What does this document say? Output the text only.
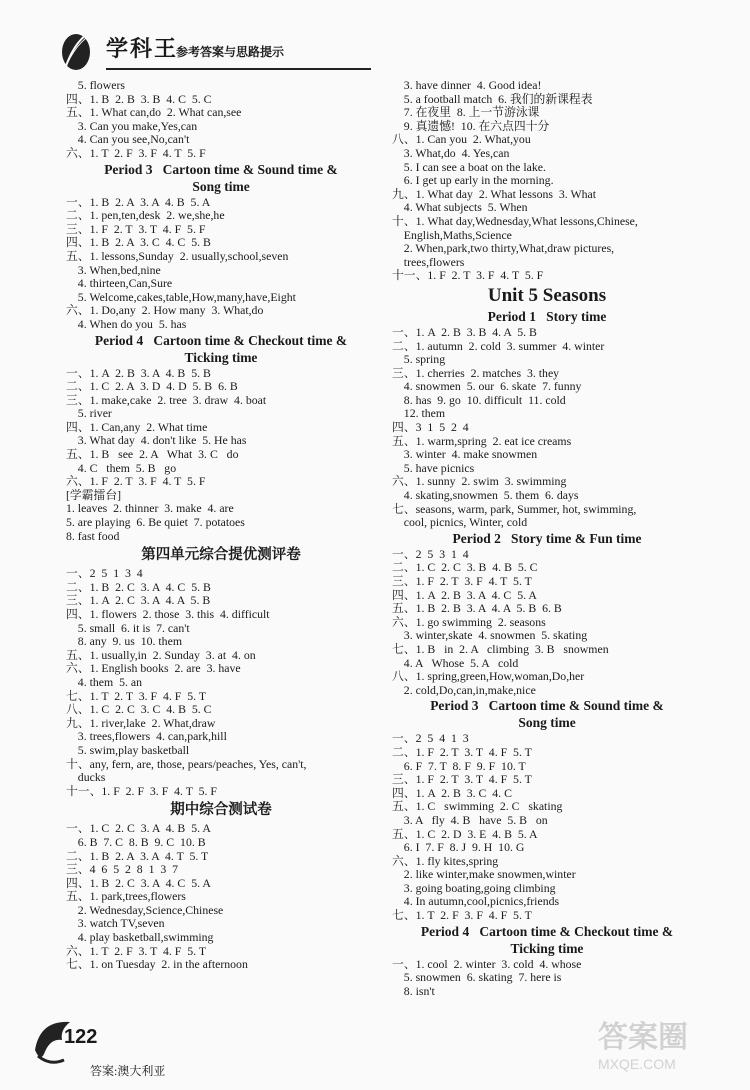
学科王
参考答案与思路提示
5. flowers
四、1. B  2. B  3. B  4. C  5. C
五、1. What can,do  2. What can,see
3. Can you make,Yes,can
4. Can you see,No,can't
六、1. T  2. F  3. F  4. T  5. F
Period 3   Cartoon time & Sound time &
Song time
一、1. B  2. A  3. A  4. B  5. A
二、1. pen,ten,desk  2. we,she,he
三、1. F  2. T  3. T  4. F  5. F
四、1. B  2. A  3. C  4. C  5. B
五、1. lessons,Sunday  2. usually,school,seven
3. When,bed,nine
4. thirteen,Can,Sure
5. Welcome,cakes,table,How,many,have,Eight
六、1. Do,any  2. How many  3. What,do
4. When do you  5. has
Period 4   Cartoon time & Checkout time &
Ticking time
一、1. A  2. B  3. A  4. B  5. B
二、1. C  2. A  3. D  4. D  5. B  6. B
三、1. make,cake  2. tree  3. draw  4. boat
5. river
四、1. Can,any  2. What time
3. What day  4. don't like  5. He has
五、1. B   see  2. A   What  3. C   do
4. C   them  5. B   go
六、1. F  2. T  3. F  4. T  5. F
[学霸擂台]
1. leaves  2. thinner  3. make  4. are
5. are playing  6. Be quiet  7. potatoes
8. fast food
第四单元综合提优测评卷
一、2  5  1  3  4
二、1. B  2. C  3. A  4. C  5. B
三、1. A  2. C  3. A  4. A  5. B
四、1. flowers  2. those  3. this  4. difficult
5. small  6. it is  7. can't
8. any  9. us  10. them
五、1. usually,in  2. Sunday  3. at  4. on
六、1. English books  2. are  3. have
4. them  5. an
七、1. T  2. T  3. F  4. F  5. T
八、1. C  2. C  3. C  4. B  5. C
九、1. river,lake  2. What,draw
3. trees,flowers  4. can,park,hill
5. swim,play basketball
十、any, fern, are, those, pears/peaches, Yes, can't,
ducks
十一、1. F  2. F  3. F  4. T  5. F
期中综合测试卷
一、1. C  2. C  3. A  4. B  5. A
6. B  7. C  8. B  9. C  10. B
二、1. B  2. A  3. A  4. T  5. T
三、4  6  5  2  8  1  3  7
四、1. B  2. C  3. A  4. C  5. A
五、1. park,trees,flowers
2. Wednesday,Science,Chinese
3. watch TV,seven
4. play basketball,swimming
六、1. T  2. F  3. T  4. F  5. T
七、1. on Tuesday  2. in the afternoon
3. have dinner  4. Good idea!
5. a football match  6. 我们的新课程表
7. 在夜里  8. 上一节游泳课
9. 真遗憾!  10. 在六点四十分
八、1. Can you  2. What,you
3. What,do  4. Yes,can
5. I can see a boat on the lake.
6. I get up early in the morning.
九、1. What day  2. What lessons  3. What
4. What subjects  5. When
十、1. What day,Wednesday,What lessons,Chinese,
English,Maths,Science
2. When,park,two thirty,What,draw pictures,
trees,flowers
十一、1. F  2. T  3. F  4. T  5. F
Unit 5 Seasons
Period 1   Story time
一、1. A  2. B  3. B  4. A  5. B
二、1. autumn  2. cold  3. summer  4. winter
5. spring
三、1. cherries  2. matches  3. they
4. snowmen  5. our  6. skate  7. funny
8. has  9. go  10. difficult  11. cold
12. them
四、3  1  5  2  4
五、1. warm,spring  2. eat ice creams
3. winter  4. make snowmen
5. have picnics
六、1. sunny  2. swim  3. swimming
4. skating,snowmen  5. them  6. days
七、seasons, warm, park, Summer, hot, swimming,
cool, picnics, Winter, cold
Period 2   Story time & Fun time
一、2  5  3  1  4
二、1. C  2. C  3. B  4. B  5. C
三、1. F  2. T  3. F  4. T  5. T
四、1. A  2. B  3. A  4. C  5. A
五、1. B  2. B  3. A  4. A  5. B  6. B
六、1. go swimming  2. seasons
3. winter,skate  4. snowmen  5. skating
七、1. B   in  2. A   climbing  3. B   snowmen
4. A   Whose  5. A   cold
八、1. spring,green,How,woman,Do,her
2. cold,Do,can,in,make,nice
Period 3   Cartoon time & Sound time &
Song time
一、2  5  4  1  3
二、1. F  2. T  3. T  4. F  5. T
6. F  7. T  8. F  9. F  10. T
三、1. F  2. T  3. T  4. F  5. T
四、1. A  2. B  3. C  4. C
五、1. C   swimming  2. C   skating
3. A   fly  4. B   have  5. B   on
五、1. C  2. D  3. E  4. B  5. A
6. I  7. F  8. J  9. H  10. G
六、1. fly kites,spring
2. like winter,make snowmen,winter
3. going boating,going climbing
4. In autumn,cool,picnics,friends
七、1. T  2. F  3. F  4. F  5. T
Period 4   Cartoon time & Checkout time &
Ticking time
一、1. cool  2. winter  3. cold  4. whose
5. snowmen  6. skating  7. here is
8. isn't
122
答案:澳大利亚
答案圈
MXQE.COM
